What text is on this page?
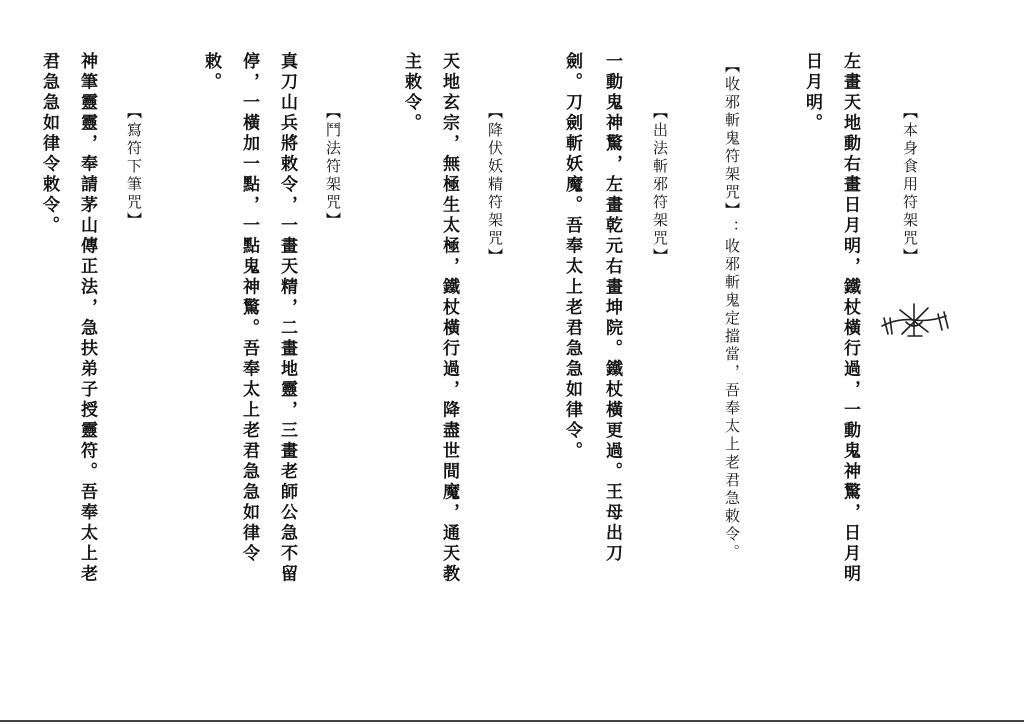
【本身食用符架咒】
左畫天地動右畫日月明，鐵杖橫行過，一動鬼神驚，日月明
日月明。
【收邪斬鬼符架咒】：收邪斬鬼定擋當，吾奉太上老君急敕令。
【出法斬邪符架咒】
一動鬼神驚，左畫乾元右畫坤院。鐵杖橫更過。王母出刀
劍。刀劍斬妖魔。吾奉太上老君急急如律令。
【降伏妖精符架咒】
天地玄宗，無極生太極，鐵杖橫行過，降盡世間魔，通天教
主敕令。
【鬥法符架咒】
真刀山兵將敕令，一畫天精，二畫地靈，三畫老師公急不留
停，一橫加一點，一點鬼神驚。吾奉太上老君急急如律令
敕。
【寫符下筆咒】
神筆靈靈，奉請茅山傳正法，急扶弟子授靈符。吾奉太上老
君急急如律令敕令。
